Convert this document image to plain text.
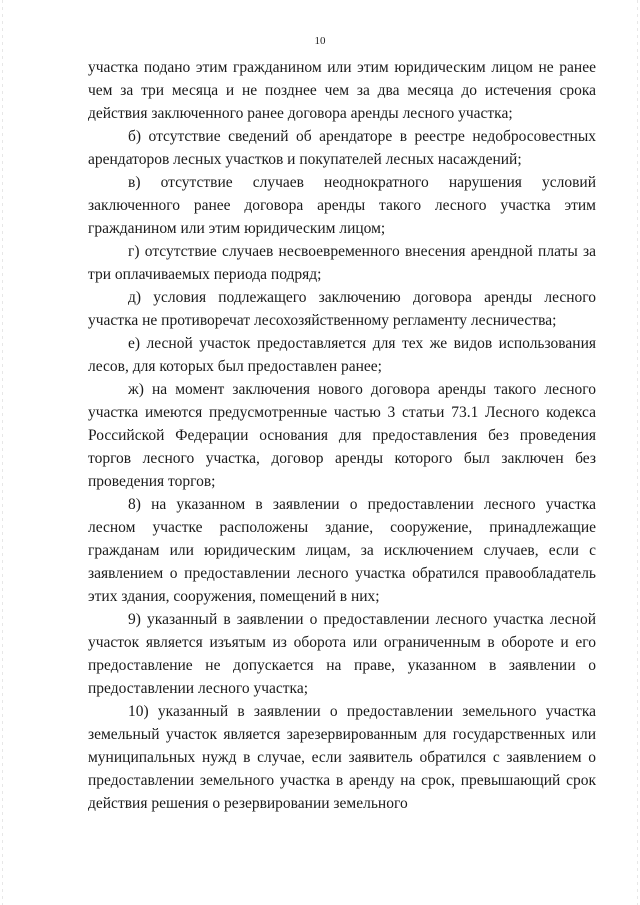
10

участка подано этим гражданином или этим юридическим лицом не ранее чем за три месяца и не позднее чем за два месяца до истечения срока действия заключенного ранее договора аренды лесного участка;

б) отсутствие сведений об арендаторе в реестре недобросовестных арендаторов лесных участков и покупателей лесных насаждений;

в) отсутствие случаев неоднократного нарушения условий заключенного ранее договора аренды такого лесного участка этим гражданином или этим юридическим лицом;

г) отсутствие случаев несвоевременного внесения арендной платы за три оплачиваемых периода подряд;

д) условия подлежащего заключению договора аренды лесного участка не противоречат лесохозяйственному регламенту лесничества;

е) лесной участок предоставляется для тех же видов использования лесов, для которых был предоставлен ранее;

ж) на момент заключения нового договора аренды такого лесного участка имеются предусмотренные частью 3 статьи 73.1 Лесного кодекса Российской Федерации основания для предоставления без проведения торгов лесного участка, договор аренды которого был заключен без проведения торгов;

8) на указанном в заявлении о предоставлении лесного участка лесном участке расположены здание, сооружение, принадлежащие гражданам или юридическим лицам, за исключением случаев, если с заявлением о предоставлении лесного участка обратился правообладатель этих здания, сооружения, помещений в них;

9) указанный в заявлении о предоставлении лесного участка лесной участок является изъятым из оборота или ограниченным в обороте и его предоставление не допускается на праве, указанном в заявлении о предоставлении лесного участка;

10) указанный в заявлении о предоставлении земельного участка земельный участок является зарезервированным для государственных или муниципальных нужд в случае, если заявитель обратился с заявлением о предоставлении земельного участка в аренду на срок, превышающий срок действия решения о резервировании земельного
